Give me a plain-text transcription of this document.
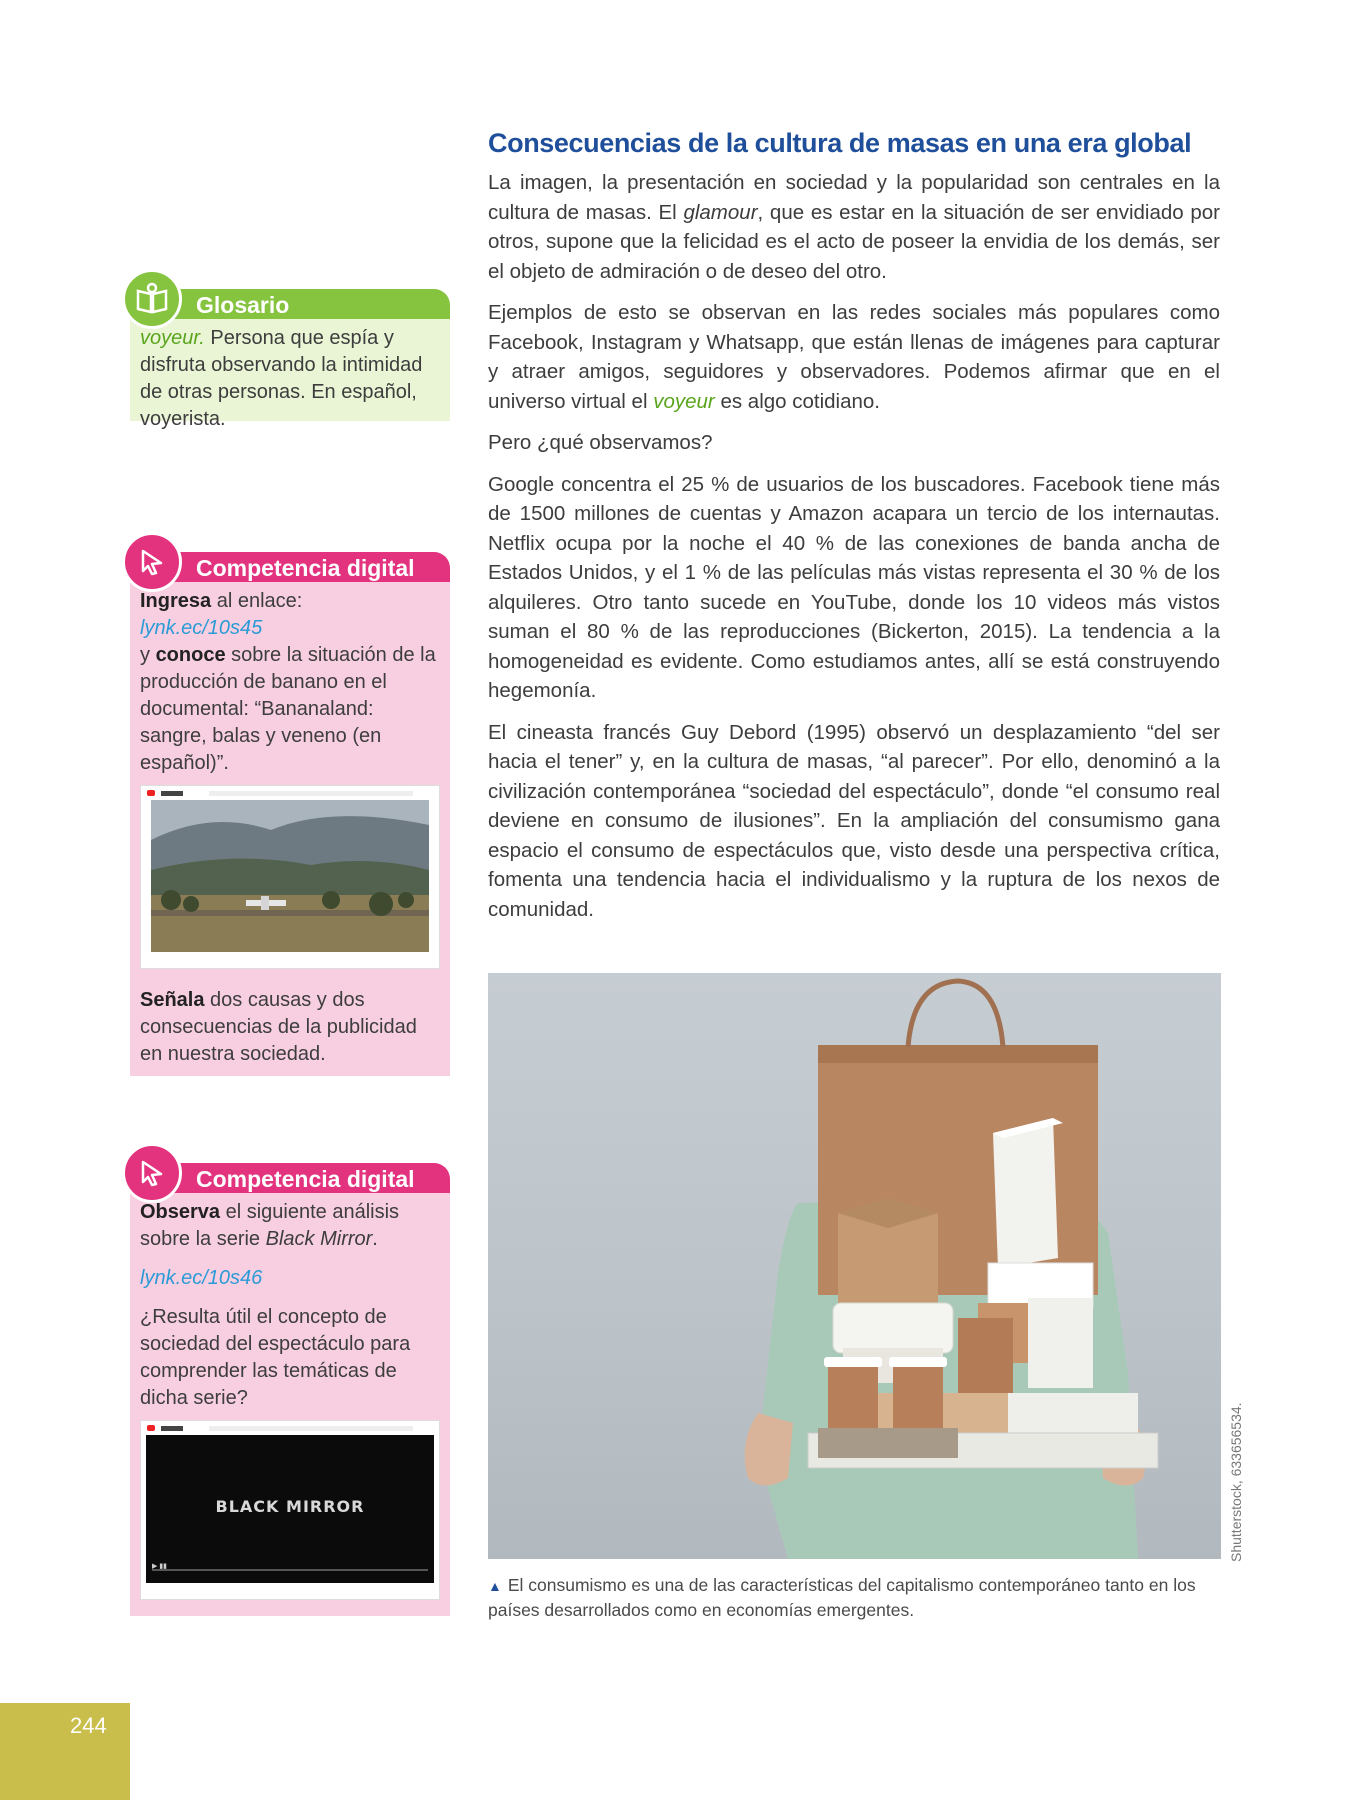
Consecuencias de la cultura de masas en una era global

La imagen, la presentación en sociedad y la popularidad son centrales en la cultura de masas. El glamour, que es estar en la situación de ser envidiado por otros, supone que la felicidad es el acto de poseer la envidia de los demás, ser el objeto de admiración o de deseo del otro.

Ejemplos de esto se observan en las redes sociales más populares como Facebook, Instagram y Whatsapp, que están llenas de imágenes para capturar y atraer amigos, seguidores y observadores. Podemos afirmar que en el universo virtual el voyeur es algo cotidiano.

Pero ¿qué observamos?

Google concentra el 25 % de usuarios de los buscadores. Facebook tiene más de 1500 millones de cuentas y Amazon acapara un tercio de los internautas. Netflix ocupa por la noche el 40 % de las conexiones de banda ancha de Estados Unidos, y el 1 % de las películas más vistas representa el 30 % de los alquileres. Otro tanto sucede en YouTube, donde los 10 videos más vistos suman el 80 % de las reproducciones (Bickerton, 2015). La tendencia a la homogeneidad es evidente. Como estudiamos antes, allí se está construyendo hegemonía.

El cineasta francés Guy Debord (1995) observó un desplazamiento “del ser hacia el tener” y, en la cultura de masas, “al parecer”. Por ello, denominó a la civilización contemporánea “sociedad del espectáculo”, donde “el consumo real deviene en consumo de ilusiones”. En la ampliación del consumismo gana espacio el consumo de espectáculos que, visto desde una perspectiva crítica, fomenta una tendencia hacia el individualismo y la ruptura de los nexos de comunidad.

Shutterstock, 633656534.
▲ El consumismo es una de las características del capitalismo contemporáneo tanto en los países desarrollados como en economías emergentes.
Glosario
voyeur. Persona que espía y disfruta observando la intimidad de otras personas. En español, voyerista.
Competencia digital
Ingresa al enlace:
lynk.ec/10s45
y conoce sobre la situación de la producción de banano en el documental: “Bananaland: sangre, balas y veneno (en español)”.
Señala dos causas y dos consecuencias de la publicidad en nuestra sociedad.
Competencia digital
Observa el siguiente análisis sobre la serie Black Mirror.
lynk.ec/10s46
¿Resulta útil el concepto de sociedad del espectáculo para comprender las temáticas de dicha serie?
BLACK MIRROR
▶ ▮▮
244
